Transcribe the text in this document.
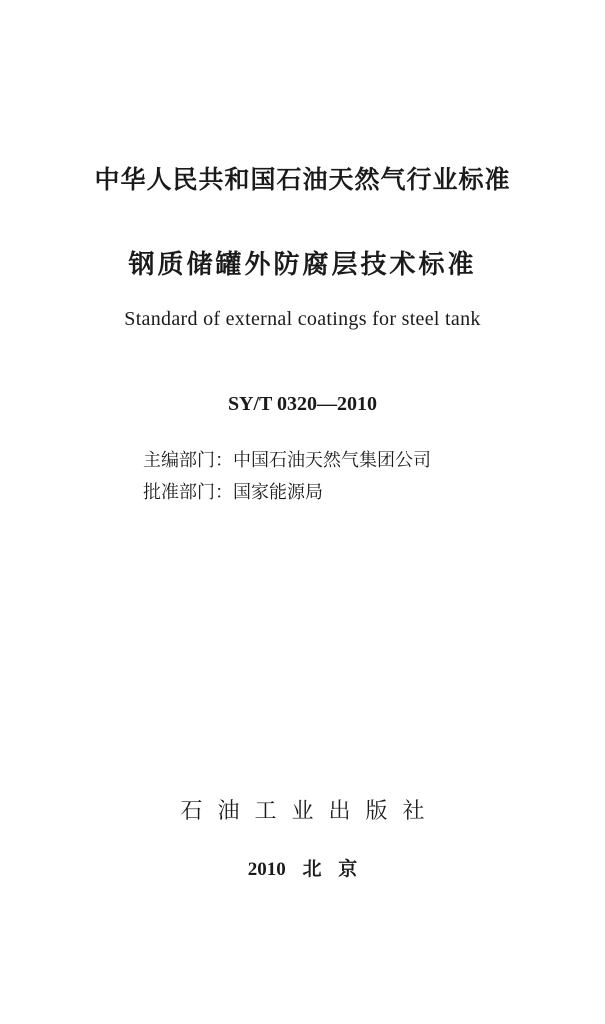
中华人民共和国石油天然气行业标准
钢质储罐外防腐层技术标准
Standard of external coatings for steel tank
SY/T 0320—2010
主编部门：中国石油天然气集团公司
批准部门：国家能源局
石油工业出版社
2010 北 京
